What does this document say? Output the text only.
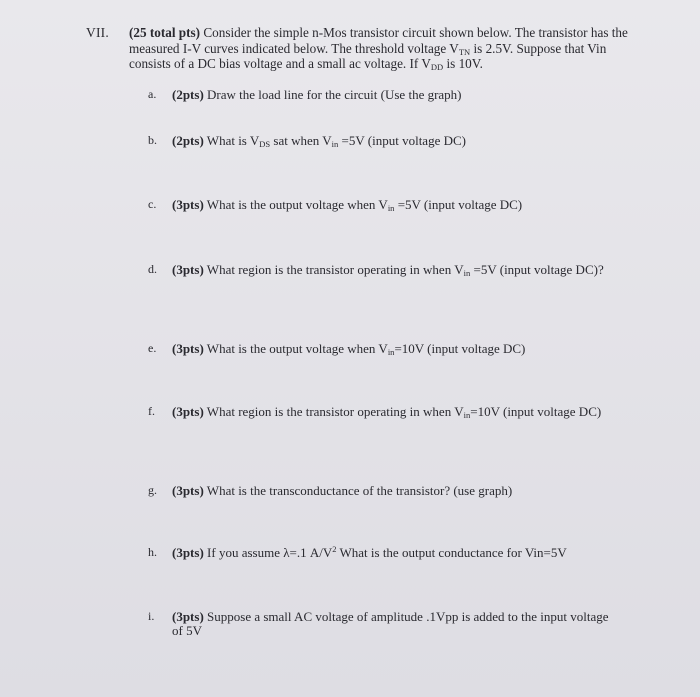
VII. (25 total pts) Consider the simple n-Mos transistor circuit shown below. The transistor has the measured I-V curves indicated below. The threshold voltage $V_{TN}$ is 2.5V. Suppose that Vin consists of a DC bias voltage and a small ac voltage. If $V_{DD}$ is 10V.
a.	(2pts) Draw the load line for the circuit (Use the graph)
b.	(2pts) What is $V_{DS}$ sat when $V_{in} =5V$ (input voltage DC)
c.	(3pts) What is the output voltage when $V_{in} =5V$ (input voltage DC)
d.	(3pts) What region is the transistor operating in when $V_{in} =5V$ (input voltage DC)?
e.	(3pts) What is the output voltage when $V_{in}=10V$ (input voltage DC)
f.	(3pts) What region is the transistor operating in when $V_{in}=10V$ (input voltage DC)
g.	(3pts) What is the transconductance of the transistor? (use graph)
h.	(3pts) If you assume λ=.1 $A/V^2$ What is the output conductance for Vin=5V
i.	(3pts) Suppose a small AC voltage of amplitude .1Vpp is added to the input voltage of 5V
